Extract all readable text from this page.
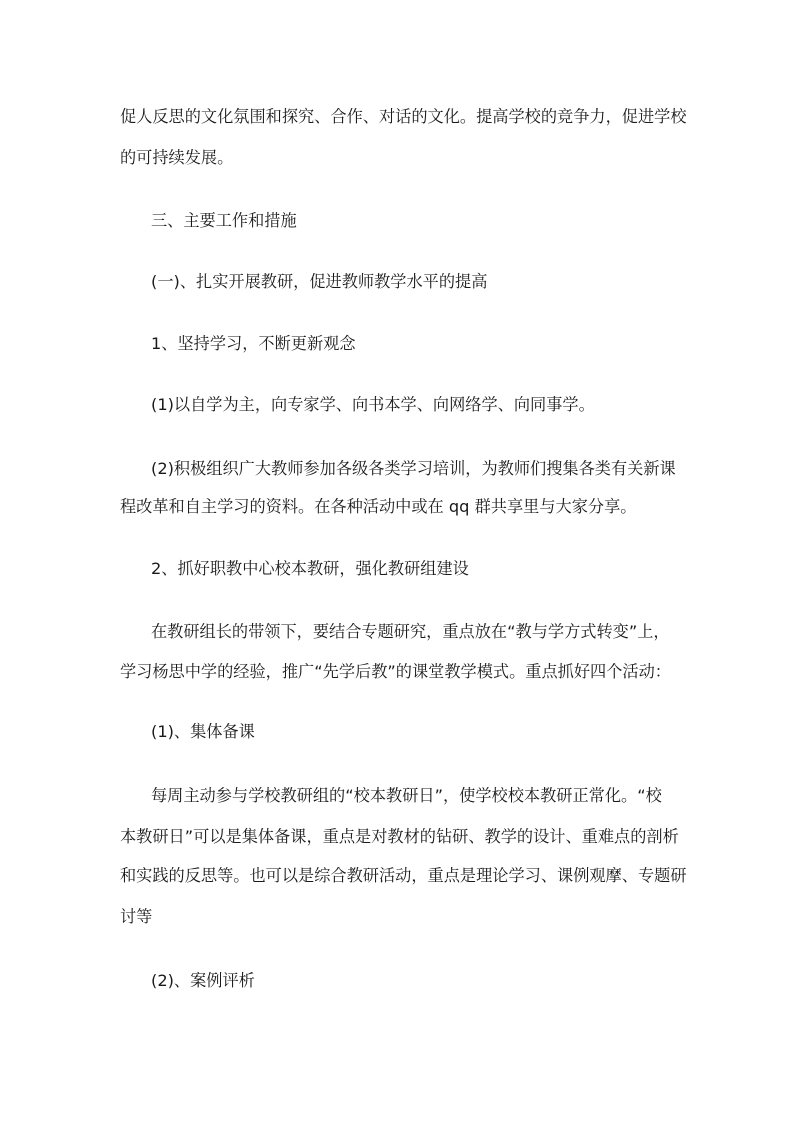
促人反思的文化氛围和探究、合作、对话的文化。提高学校的竞争力，促进学校
的可持续发展。
三、主要工作和措施
(一)、扎实开展教研，促进教师教学水平的提高
1、坚持学习，不断更新观念
(1)以自学为主，向专家学、向书本学、向网络学、向同事学。
(2)积极组织广大教师参加各级各类学习培训，为教师们搜集各类有关新课
程改革和自主学习的资料。在各种活动中或在 qq 群共享里与大家分享。
2、抓好职教中心校本教研，强化教研组建设
在教研组长的带领下，要结合专题研究，重点放在“教与学方式转变”上，
学习杨思中学的经验，推广“先学后教”的课堂教学模式。重点抓好四个活动：
(1)、集体备课
每周主动参与学校教研组的“校本教研日”，使学校校本教研正常化。“校
本教研日”可以是集体备课，重点是对教材的钻研、教学的设计、重难点的剖析
和实践的反思等。也可以是综合教研活动，重点是理论学习、课例观摩、专题研
讨等
(2)、案例评析
